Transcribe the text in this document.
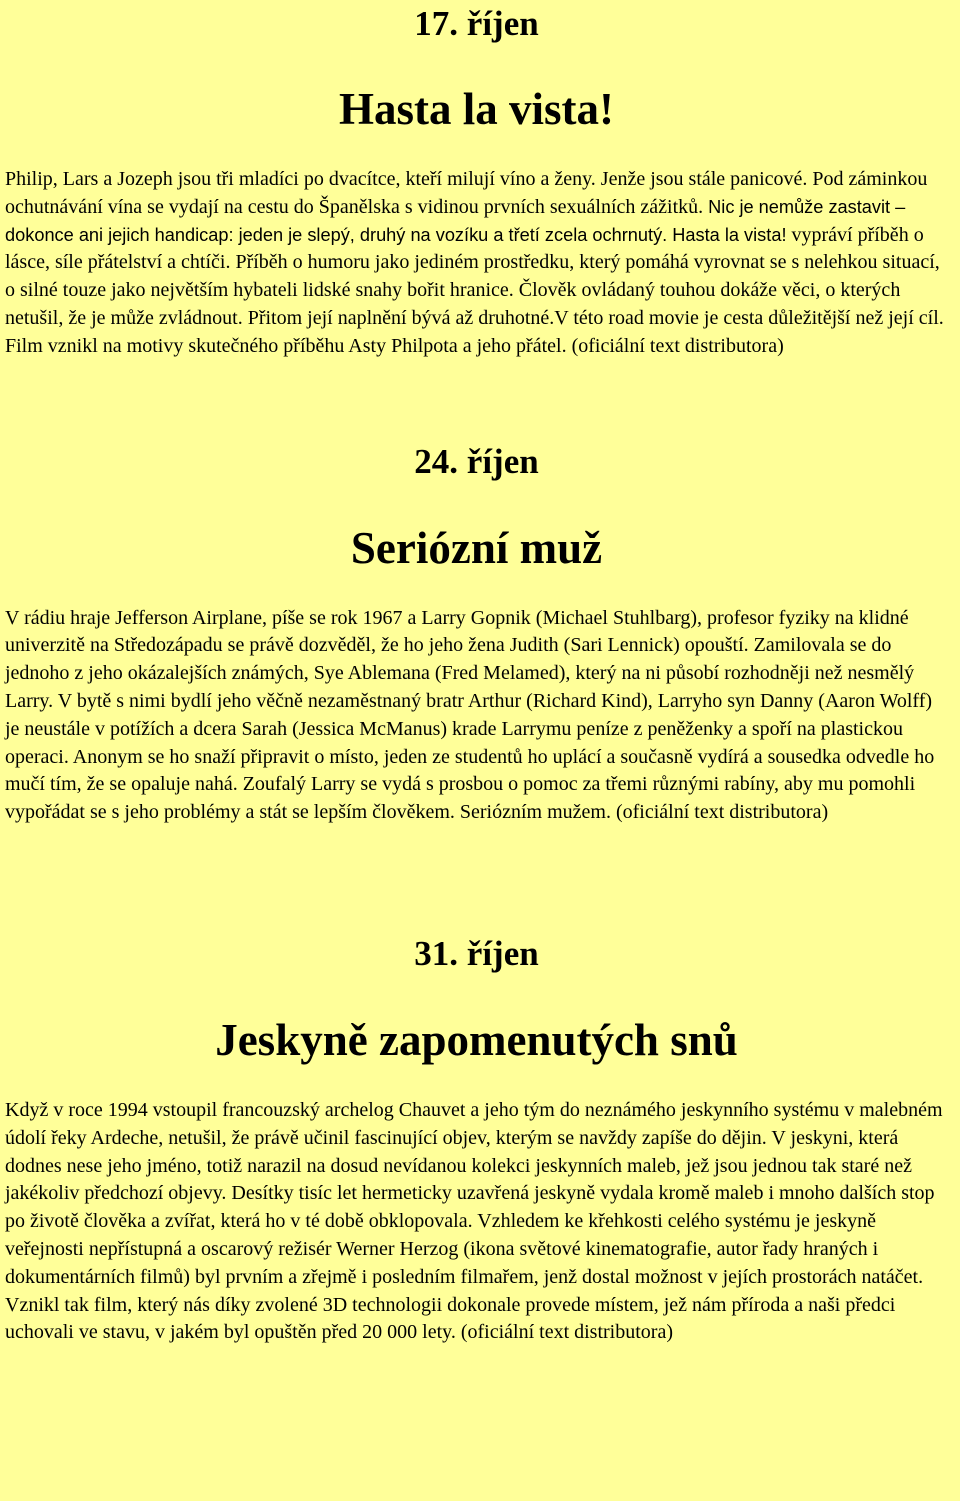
17. říjen
Hasta la vista!

Philip, Lars a Jozeph jsou tři mladíci po dvacítce, kteří milují víno a ženy. Jenže jsou stále panicové. Pod záminkou ochutnávání vína se vydají na cestu do Španělska s vidinou prvních sexuálních zážitků. Nic je nemůže zastavit – dokonce ani jejich handicap: jeden je slepý, druhý na vozíku a třetí zcela ochrnutý. Hasta la vista! vypráví příběh o lásce, síle přátelství a chtíči. Příběh o humoru jako jediném prostředku, který pomáhá vyrovnat se s nelehkou situací, o silné touze jako největším hybateli lidské snahy bořit hranice. Člověk ovládaný touhou dokáže věci, o kterých netušil, že je může zvládnout. Přitom její naplnění bývá až druhotné.V této road movie je cesta důležitější než její cíl. Film vznikl na motivy skutečného příběhu Asty Philpota a jeho přátel. (oficiální text distributora)

24. říjen
Seriózní muž

V rádiu hraje Jefferson Airplane, píše se rok 1967 a Larry Gopnik (Michael Stuhlbarg), profesor fyziky na klidné univerzitě na Středozápadu se právě dozvěděl, že ho jeho žena Judith (Sari Lennick) opouští. Zamilovala se do jednoho z jeho okázalejších známých, Sye Ablemana (Fred Melamed), který na ni působí rozhodněji než nesmělý Larry. V bytě s nimi bydlí jeho věčně nezaměstnaný bratr Arthur (Richard Kind), Larryho syn Danny (Aaron Wolff) je neustále v potížích a dcera Sarah (Jessica McManus) krade Larrymu peníze z peněženky a spoří na plastickou operaci. Anonym se ho snaží připravit o místo, jeden ze studentů ho uplácí a současně vydírá a sousedka odvedle ho mučí tím, že se opaluje nahá. Zoufalý Larry se vydá s prosbou o pomoc za třemi různými rabíny, aby mu pomohli vypořádat se s jeho problémy a stát se lepším člověkem. Seriózním mužem. (oficiální text distributora)

31. říjen
Jeskyně zapomenutých snů

Když v roce 1994 vstoupil francouzský archelog Chauvet a jeho tým do neznámého jeskynního systému v malebném údolí řeky Ardeche, netušil, že právě učinil fascinující objev, kterým se navždy zapíše do dějin. V jeskyni, která dodnes nese jeho jméno, totiž narazil na dosud nevídanou kolekci jeskynních maleb, jež jsou jednou tak staré než jakékoliv předchozí objevy. Desítky tisíc let hermeticky uzavřená jeskyně vydala kromě maleb i mnoho dalších stop po životě člověka a zvířat, která ho v té době obklopovala. Vzhledem ke křehkosti celého systému je jeskyně veřejnosti nepřístupná a oscarový režisér Werner Herzog (ikona světové kinematografie, autor řady hraných i dokumentárních filmů) byl prvním a zřejmě i posledním filmařem, jenž dostal možnost v jejích prostorách natáčet. Vznikl tak film, který nás díky zvolené 3D technologii dokonale provede místem, jež nám příroda a naši předci uchovali ve stavu, v jakém byl opuštěn před 20 000 lety. (oficiální text distributora)
